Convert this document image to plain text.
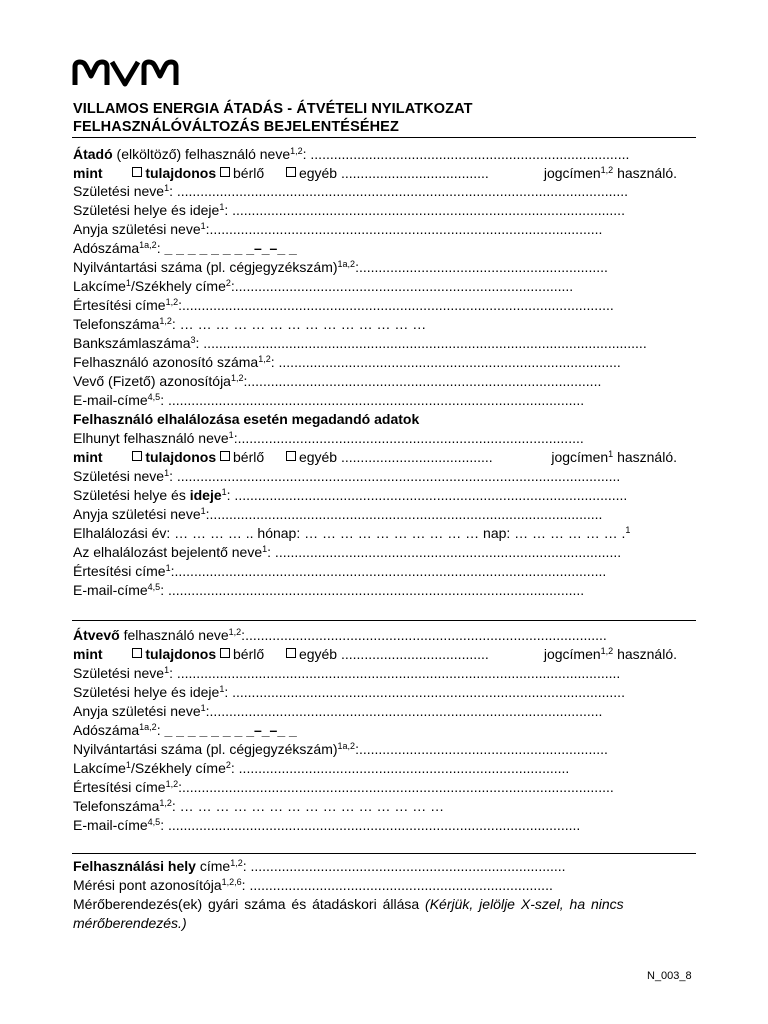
VILLAMOS ENERGIA ÁTADÁS - ÁTVÉTELI NYILATKOZAT
FELHASZNÁLÓVÁLTOZÁS BEJELENTÉSÉHEZ
Átadó (elköltöző) felhasználó neve$^{1,2}$: ..................................................................................
mint	tulajdonos bérlő egyéb ......................................	jogcímen$^{1,2}$ használó.
Születési neve$^1$: ....................................................................................................................
Születési helye és ideje$^1$: .....................................................................................................
Anyja születési neve$^1$:.....................................................................................................
Adószáma$^{1a,2}$: _ _ _ _ _ _ _ _–_–_ _
Nyilvántartási száma (pl. cégjegyzékszám)$^{1a,2}$:................................................................
Lakcíme$^1$/Székhely címe$^2$:.......................................................................................
Értesítési címe$^{1,2}$:...............................................................................................................
Telefonszáma$^{1,2}$: … … … … … … … … … … … … … …
Bankszámlaszáma$^3$: ..................................................................................................................
Felhasználó azonosító száma$^{1,2}$: ........................................................................................
Vevő (Fizető) azonosítója$^{1,2}$:...........................................................................................
E-mail-címe$^{4,5}$: ...........................................................................................................
Felhasználó elhalálozása esetén megadandó adatok
Elhunyt felhasználó neve$^1$:.........................................................................................
mint	tulajdonos bérlő egyéb .......................................	jogcímen$^1$ használó.
Születési neve$^1$: ..................................................................................................................
Születési helye és ideje$^1$: .....................................................................................................
Anyja születési neve$^1$:.....................................................................................................
Elhalálozási év: … … … … .. hónap: … … … … … … … … … … nap: … … … … … … .$^1$
Az elhalálozást bejelentő neve$^1$: .........................................................................................
Értesítési címe$^1$:...............................................................................................................
E-mail-címe$^{4,5}$: ...........................................................................................................
Átvevő felhasználó neve$^{1,2}$:.............................................................................................
mint	tulajdonos bérlő egyéb ......................................	jogcímen$^{1,2}$ használó.
Születési neve$^1$: ..................................................................................................................
Születési helye és ideje$^1$: .....................................................................................................
Anyja születési neve$^1$:.....................................................................................................
Adószáma$^{1a,2}$: _ _ _ _ _ _ _ _–_–_ _
Nyilvántartási száma (pl. cégjegyzékszám)$^{1a,2}$:................................................................
Lakcíme$^1$/Székhely címe$^2$: .....................................................................................
Értesítési címe$^{1,2}$:...............................................................................................................
Telefonszáma$^{1,2}$: … … … … … … … … … … … … … … …
E-mail-címe$^{4,5}$: ..........................................................................................................
Felhasználási hely címe$^{1,2}$: .................................................................................
Mérési pont azonosítója$^{1,2,6}$: ..............................................................................
Mérőberendezés(ek) gyári száma és átadáskori állása (Kérjük, jelölje X-szel, ha nincs
mérőberendezés.)
N_003_8
